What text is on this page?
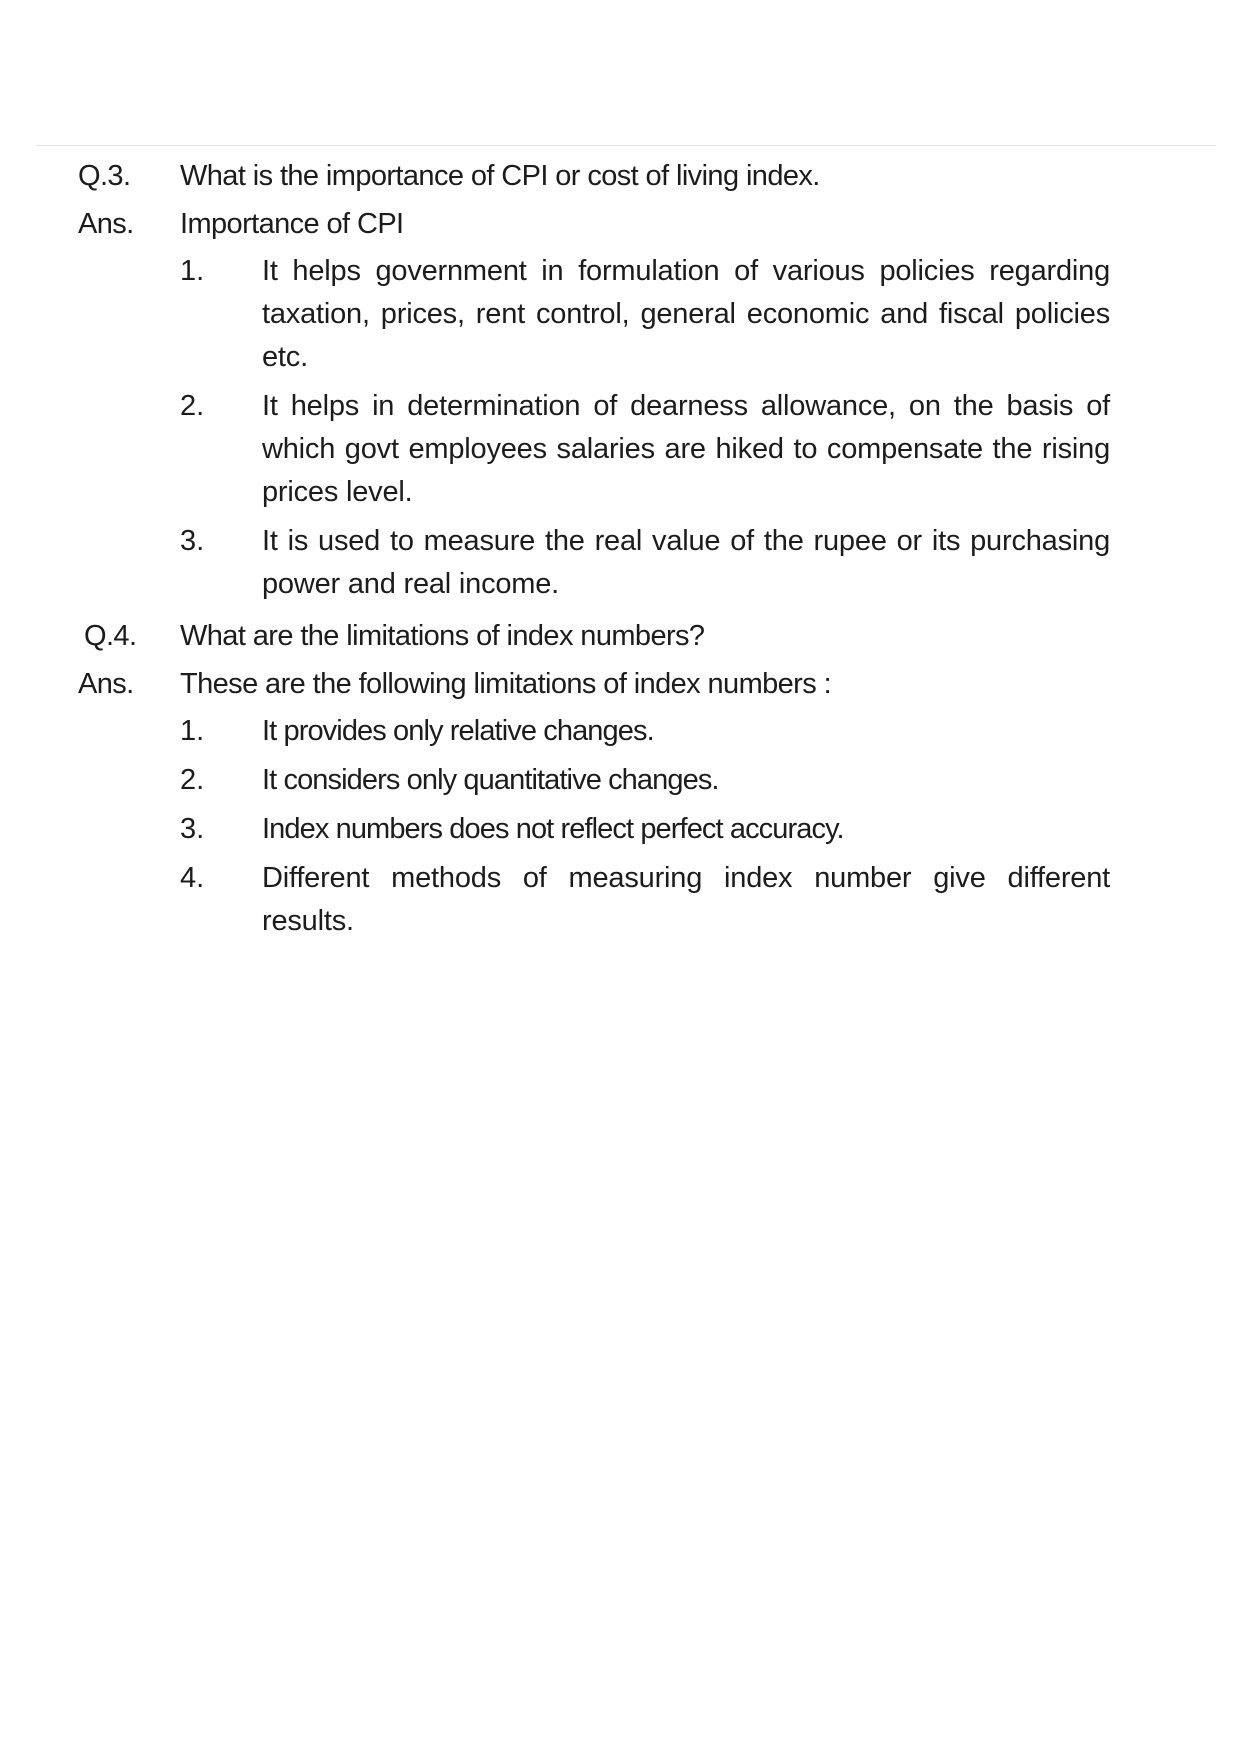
Q.3.	What is the importance of CPI or cost of living index.
Ans.	Importance of CPI
1. It helps government in formulation of various policies regarding taxation, prices, rent control, general economic and fiscal policies etc.
2. It helps in determination of dearness allowance, on the basis of which govt employees salaries are hiked to compensate the rising prices level.
3. It is used to measure the real value of the rupee or its purchasing power and real income.
Q.4.	What are the limitations of index numbers?
Ans.	These are the following limitations of index numbers :
1. It provides only relative changes.
2. It considers only quantitative changes.
3. Index numbers does not reflect perfect accuracy.
4. Different methods of measuring index number give different results.
